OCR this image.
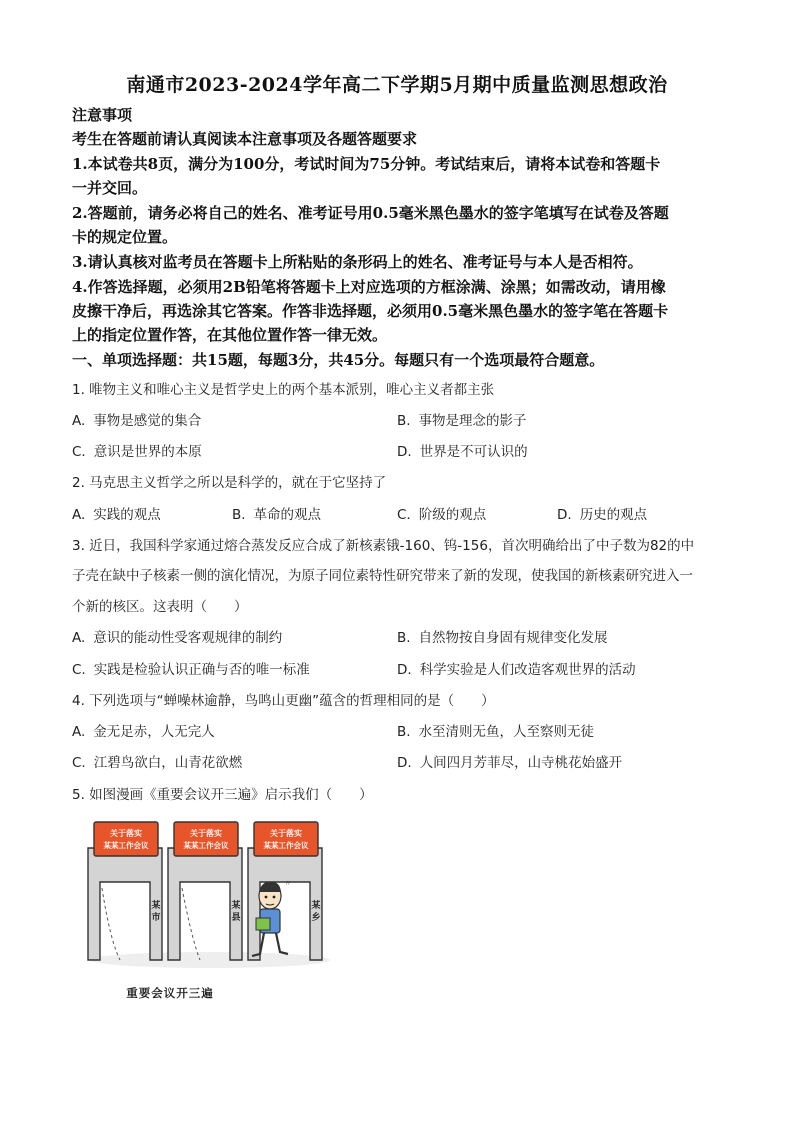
南通市2023-2024学年高二下学期5月期中质量监测思想政治
注意事项
考生在答题前请认真阅读本注意事项及各题答题要求
1.本试卷共8页，满分为100分，考试时间为75分钟。考试结束后，请将本试卷和答题卡
一并交回。
2.答题前，请务必将自己的姓名、准考证号用0.5毫米黑色墨水的签字笔填写在试卷及答题
卡的规定位置。
3.请认真核对监考员在答题卡上所粘贴的条形码上的姓名、准考证号与本人是否相符。
4.作答选择题，必须用2B铅笔将答题卡上对应选项的方框涂满、涂黑；如需改动，请用橡
皮擦干净后，再选涂其它答案。作答非选择题，必须用0.5毫米黑色墨水的签字笔在答题卡
上的指定位置作答，在其他位置作答一律无效。
一、单项选择题：共15题，每题3分，共45分。每题只有一个选项最符合题意。
1. 唯物主义和唯心主义是哲学史上的两个基本派别，唯心主义者都主张
A. 事物是感觉的集合	B. 事物是理念的影子
C. 意识是世界的本原	D. 世界是不可认识的
2. 马克思主义哲学之所以是科学的，就在于它坚持了
A. 实践的观点	B. 革命的观点	C. 阶级的观点	D. 历史的观点
3. 近日，我国科学家通过熔合蒸发反应合成了新核素锇-160、钨-156，首次明确给出了中子数为82的中
子壳在缺中子核素一侧的演化情况，为原子同位素特性研究带来了新的发现，使我国的新核素研究进入一
个新的核区。这表明（　　）
A. 意识的能动性受客观规律的制约	B. 自然物按自身固有规律变化发展
C. 实践是检验认识正确与否的唯一标准	D. 科学实验是人们改造客观世界的活动
4. 下列选项与“蝉噪林逾静，鸟鸣山更幽”蕴含的哲理相同的是（　　）
A. 金无足赤，人无完人	B. 水至清则无鱼，人至察则无徒
C. 江碧鸟欲白，山青花欲燃	D. 人间四月芳菲尽，山寺桃花始盛开
5. 如图漫画《重要会议开三遍》启示我们（　　）
关于落实
某某工作会议
某
市
关于落实
某某工作会议
某
县
关于落实
某某工作会议
某
乡
〃
重要会议开三遍
